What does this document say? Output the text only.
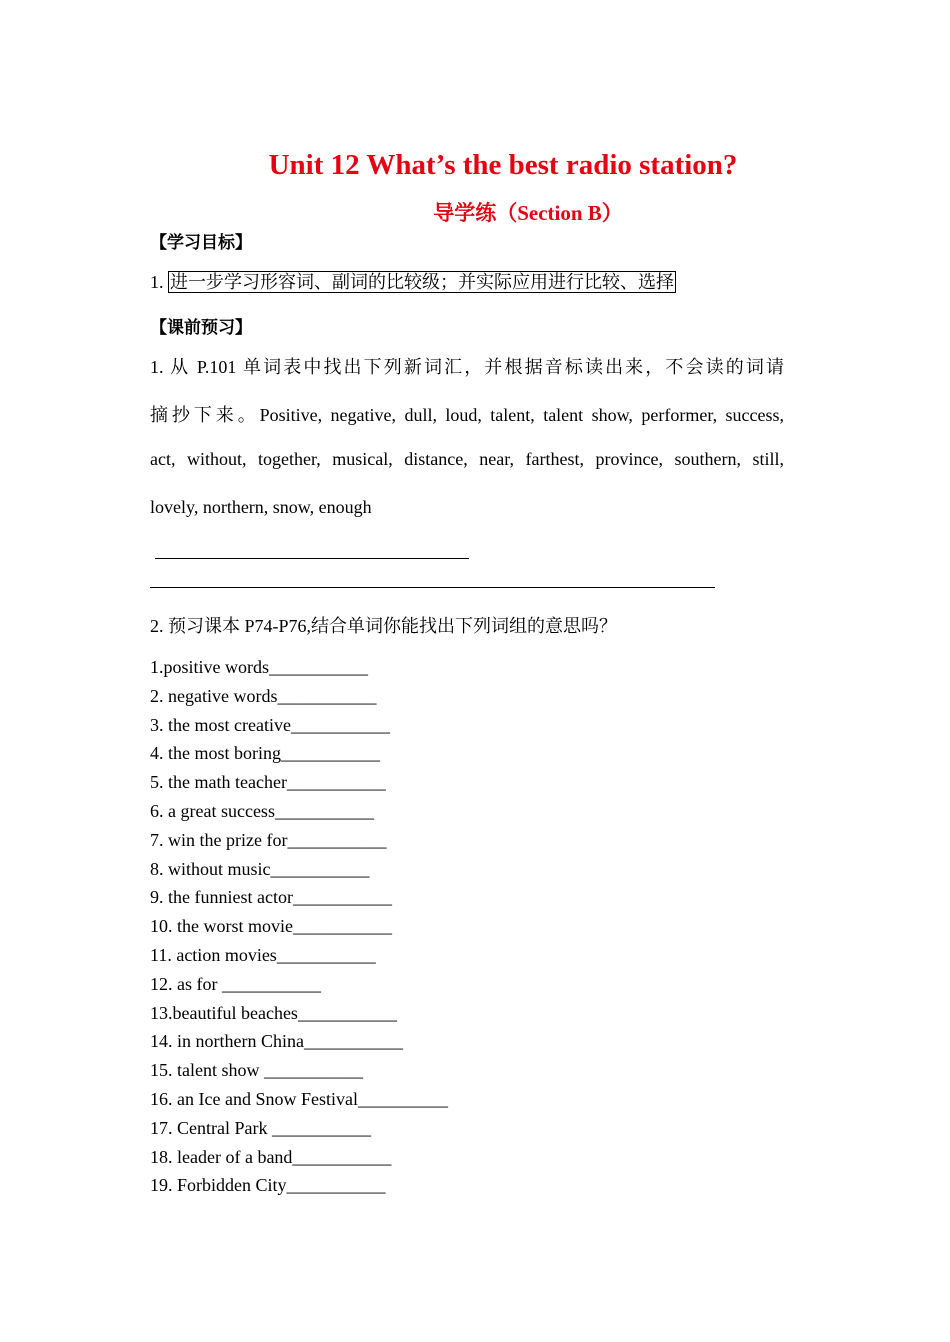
Unit 12 What’s the best radio station?
导学练（Section B）
【学习目标】
1. 进一步学习形容词、副词的比较级；并实际应用进行比较、选择
【课前预习】
1. 从 P.101 单词表中找出下列新词汇，并根据音标读出来，不会读的词请
摘抄下来。Positive, negative, dull, loud, talent, talent show, performer, success,
act, without, together, musical, distance, near, farthest, province, southern, still,
lovely, northern, snow, enough
2. 预习课本 P74-P76,结合单词你能找出下列词组的意思吗？
1.positive words___________
2. negative words___________
3. the most creative___________
4. the most boring___________
5. the math teacher___________
6. a great success___________
7. win the prize for___________
8. without music___________
9. the funniest actor___________
10. the worst movie___________
11. action movies___________
12. as for ___________
13.beautiful beaches___________
14. in northern China___________
15. talent show ___________
16. an Ice and Snow Festival__________
17. Central Park ___________
18. leader of a band___________
19. Forbidden City___________
